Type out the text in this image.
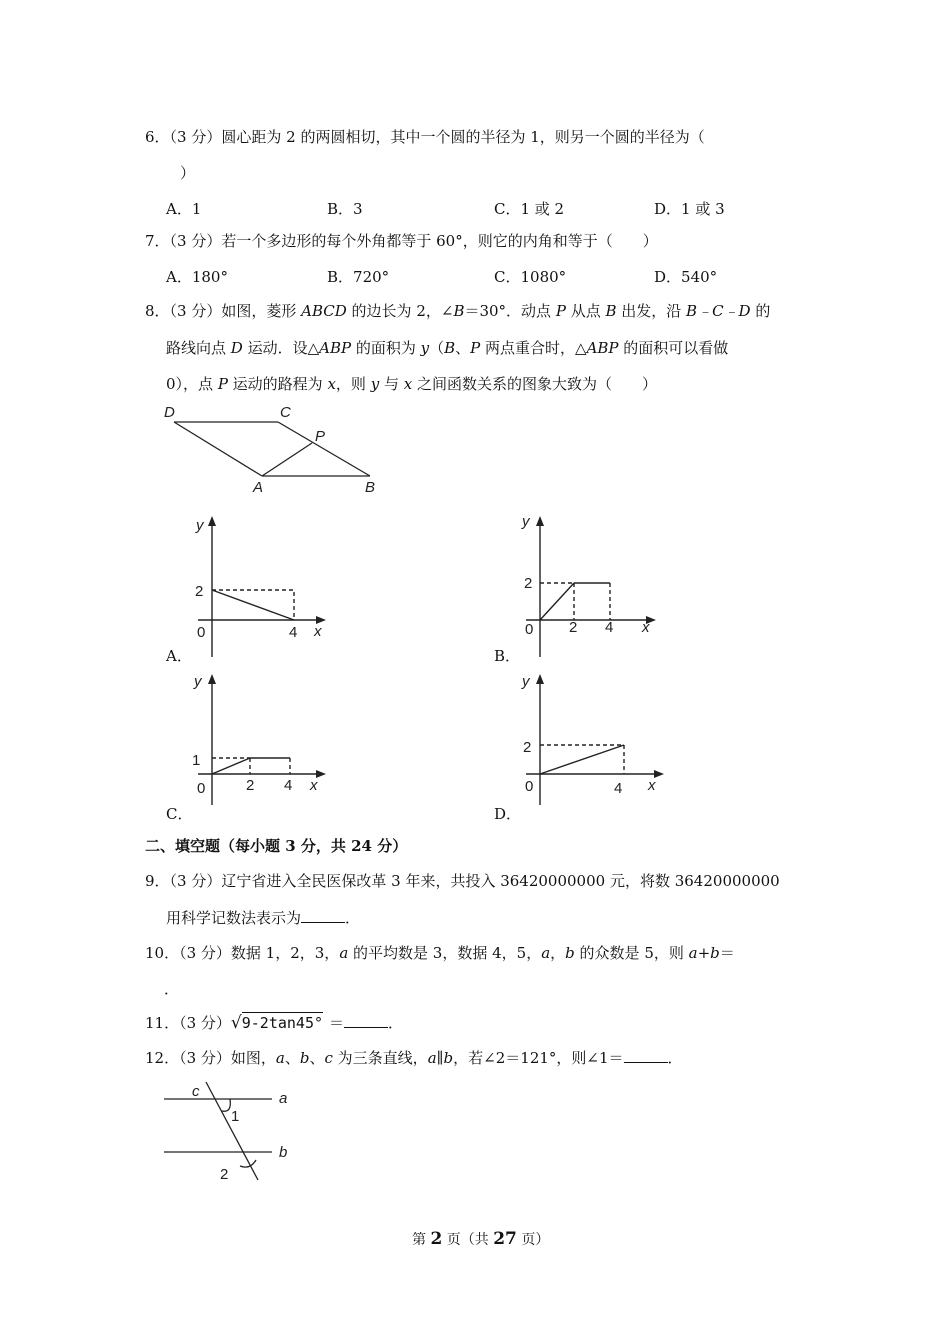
6．（3 分）圆心距为 2 的两圆相切，其中一个圆的半径为 1，则另一个圆的半径为（
）
A．1	B．3	C．1 或 2	D．1 或 3
7．（3 分）若一个多边形的每个外角都等于 60°，则它的内角和等于（　　）
A．180°	B．720°	C．1080°	D．540°
8．（3 分）如图，菱形 ABCD 的边长为 2，∠B＝30°．动点 P 从点 B 出发，沿 B﹣C﹣D 的
路线向点 D 运动．设△ABP 的面积为 y（B、P 两点重合时，△ABP 的面积可以看做
0），点 P 运动的路程为 x，则 y 与 x 之间函数关系的图象大致为（　　）
D	C
P
A	B
y
x
0
2
4
A．
y
x
0
2
2 4
B．
y
x
0
1
2 4
C．
y
x
0
2
4
D．
二、填空题（每小题 3 分，共 24 分）
9．（3 分）辽宁省进入全民医保改革 3 年来，共投入 36420000000 元，将数 36420000000
用科学记数法表示为	．
10．（3 分）数据 1，2，3，a 的平均数是 3，数据 4，5，a，b 的众数是 5，则 a+b＝
．
11．（3 分）√9-2tan45° ＝	．
12．（3 分）如图，a、b、c 为三条直线，a∥b，若∠2＝121°，则∠1＝	．
c	a
b
1
2
第 2 页（共 27 页）
